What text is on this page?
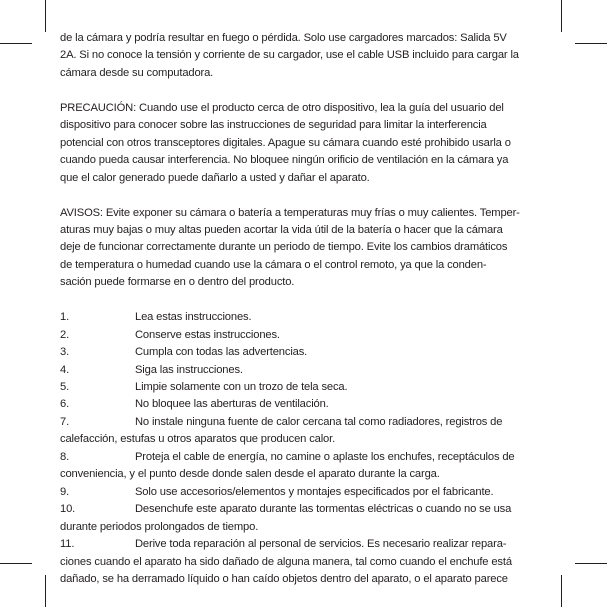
de la cámara y podría resultar en fuego o pérdida. Solo use cargadores marcados: Salida 5V

2A. Si no conoce la tensión y corriente de su cargador, use el cable USB incluido para cargar la

cámara desde su computadora.

PRECAUCIÓN: Cuando use el producto cerca de otro dispositivo, lea la guía del usuario del

dispositivo para conocer sobre las instrucciones de seguridad para limitar la interferencia

potencial con otros transceptores digitales. Apague su cámara cuando esté prohibido usarla o

cuando pueda causar interferencia. No bloquee ningún orificio de ventilación en la cámara ya

que el calor generado puede dañarlo a usted y dañar el aparato.

AVISOS: Evite exponer su cámara o batería a temperaturas muy frías o muy calientes. Temper-

aturas muy bajas o muy altas pueden acortar la vida útil de la batería o hacer que la cámara

deje de funcionar correctamente durante un periodo de tiempo. Evite los cambios dramáticos

de temperatura o humedad cuando use la cámara o el control remoto, ya que la conden-

sación puede formarse en o dentro del producto.

1.	Lea estas instrucciones.

2.	Conserve estas instrucciones.

3.	Cumpla con todas las advertencias.

4.	Siga las instrucciones.

5.	Limpie solamente con un trozo de tela seca.

6.	No bloquee las aberturas de ventilación.

7.	No instale ninguna fuente de calor cercana tal como radiadores, registros de

calefacción, estufas u otros aparatos que producen calor.

8.	Proteja el cable de energía, no camine o aplaste los enchufes, receptáculos de

conveniencia, y el punto desde donde salen desde el aparato durante la carga.

9.	Solo use accesorios/elementos y montajes especificados por el fabricante.

10.	Desenchufe este aparato durante las tormentas eléctricas o cuando no se usa

durante periodos prolongados de tiempo.

11.	Derive toda reparación al personal de servicios. Es necesario realizar repara-

ciones cuando el aparato ha sido dañado de alguna manera, tal como cuando el enchufe está

dañado, se ha derramado líquido o han caído objetos dentro del aparato, o el aparato parece
